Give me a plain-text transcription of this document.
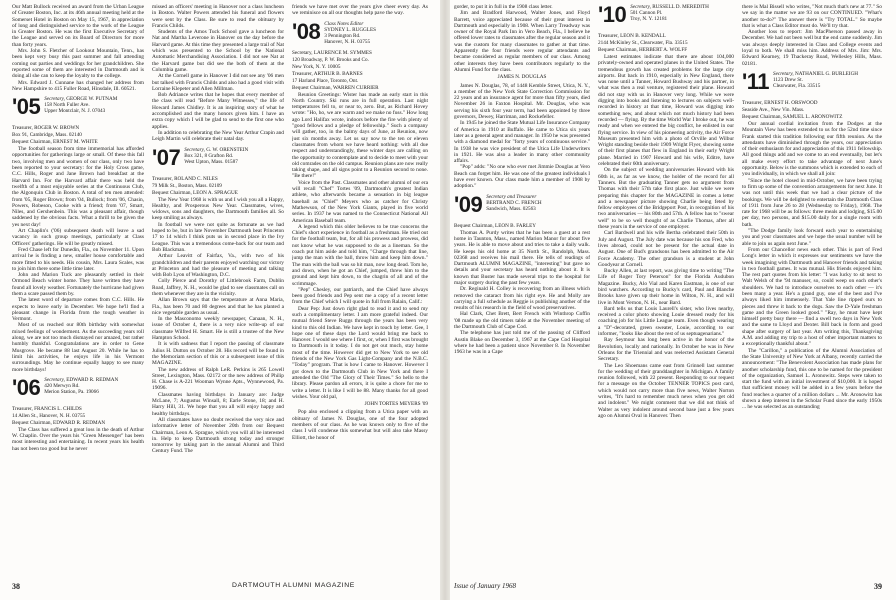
Our Matt Bullock received an award from the Urban League of Greater Boston, Inc. at its 46th annual meeting held at the Somerset Hotel in Boston on May 15, 1967, in appreciation of long and distinguished service to the work of the League in Greater Boston. He was the first Executive Secretary of the League and served on its Board of Directors for more than forty years.

Mrs. John S. Fletcher of Lookout Mountain, Tenn., has been kept very busy this past summer and fall attending coming out parties and weddings for her grandchildren. She reported some of them are interested in Dartmouth and is doing all she can to keep the loyalty to the college.

Mrs. Edward J. Cunnane has changed her address from New Hampshire to 415 Fuller Road, Hinsdale, Ill. 60521.

'05 Secretary, GEORGE W. PUTNAM
158 North Fuller Ave.
Upper Montclair, N. J. 07043
Treasurer, ROGER W. BROWN
Box 91, Cambridge, Mass. 02140
Bequest Chairman, ERNEST M. WHITE

The football season from time immemorial has afforded opportunities for gatherings large or small. Of these this fall two, involving men and women of our class, only two have been reported to your secretary: for the Holy Cross game, C.C. Hills, Roger and Jane Brown had breakfast at the Harvard Inn. For the Harvard affair there was held the twelfth of a most enjoyable series at the Continuous Club, the Algonquin Club in Boston. A total of ten men attended: from '05, Roger Brown; from '04, Bullock; from '06, Chasin, Powers, Robeson, Cooke with a friend; from '07, Smart, Niles, and Gershenbein. This was a pleasant affair, though saddened by the obvious facts. What a thrill to be given the yes next day!

Art Chaplin's ('06) subsequent death will leave a sad vacancy in such group meetings, particularly at Class Officers' gatherings. He will be greatly missed.

Fred Chase left for Dunedin, Fla., on November 11. Upon arrival he is finding a new, smaller house comfortable and more fitted to his needs. His cousin, Mrs. Laura Scales, was to join him there some little time later.

John and Marion Tuck are pleasantly settled in their Ormond Beach winter home. They have written they have found all lovely weather. Fortunately the hurricane had given them a scare passed them by.

The latest word of departure comes from C.C. Hills. He expects to leave early in December. We hope he'll find a pleasant change in Florida from the tough weather in Vermont.

Most of us reached our 80th birthday with somewhat mixed feelings of wonderment. As the succeeding years roll along, we are not too much dismayed nor amazed, but rather humbly thankful. Congratulations are in order to Gene Musgrove. He became 88 last August 20. While he has to limit his activities, he enjoys life in his Vermont surroundings. May he continue equally happy to see many more birthdays!

'06 Secretary, EDWARD R. REDMAN
420 Merwyn Rd.
Merion Station, Pa. 19066
Treasurer, FRANCIS L. CHILDS
14 Allen St., Hanover, N. H. 03755
Bequest Chairman, EDWARD R. REDMAN

The Class has suffered a great loss in the death of Arthur W. Chaplin. Over the years his "Green Messenger" has been most interesting and entertaining. In recent years his health has not been too good but he never

missed an officers' meeting in Hanover nor a class luncheon in Boston. Walter Powers attended his funeral and flowers were sent by the Class. Be sure to read the obituary by Francis Childs.

Students of the Amos Tuck School gave a luncheon for Nat and Martha Leverone in Hanover on the day before the Harvard game. At this time they presented a large trail of Nat which was presented to the School by the National Automatic Merchandising Association. I did not see Nat at the Harvard game but did see the both of them at the Columbia game.

At the Cornell game in Hanover I did not see any '06 men but talked with Francis Childs and also had a good visit with Lorraine Klepeter and Allen Millman.

Bob Adriance writes that he hopes that every member of the class will read "Before Many Witnesses," the life of Howard James Chidley. It is an inspiring story of what he accomplished and the many honors given him. I have an extra copy which I will be glad to send to the first one who applies.

In addition to celebrating the New Year Arthur Crapin and Leigh Martin will celebrate their natal day.

'07 Secretary, G. W. ORENSTEIN
Box 321, 8 Grafton Rd.
West Upton, Mass. 01587
Treasurer, ROLAND C. NILES
79 Milk St., Boston, Mass. 02109
Bequest Chairman, LEON A. SPRAGUE

The New Year 1968 is with us and I wish you all a Happy, Healthy, and Prosperous New Year. Classmates, wives, widows, sons and daughters, the Dartmouth families all. So keep smiling as always.

In football we were not quite as fortunate as we had hoped to be, but in late November Dartmouth beat Princeton 17 to 14 which I think puts us in second place in the Ivy League. This was a tremendous come-back for our team and Bob Blackman.

Arthur Leavitt of Fairfax, Va., with two of his grandchildren and their parents enjoyed watching our victory at Princeton and had the pleasure of meeting and talking with Bob Lyon of Washington, D.C.

Colly Pierce and Dorothy of Littlebrook Farm, Dublin Road, Jaffrey, N. H., would be glad to see classmates call on them whenever they are in the vicinity.

Allan Brown says that the temperature at Anna Maria, Fla., has been 70 and 80 degrees and that he has planted a nice vegetable garden as usual.

In the Masconomo weekly newspaper, Canaan, N. H., issue of October 4, there is a very nice write-up of our classmate Wilfred H. Smart. He is still a trustee of the New Hampton School.

It is with sadness that I report the passing of classmate Julius H. Dutton on October 28. His record will be found in the Memoriam section of this or a subsequent issue of this MAGAZINE.

The new address of Ralph LeR. Perkins is 265 Lowell Street, Lexington, Mass. 02172 or the new address of Philip H. Chase is A-221 Wooman Wynne Apts., Wynnewood, Pa. 19096.

Classmates having birthdays in January are: Judge McLane, 7; Augustus Winsall, 8; Earle Stone, 18; and H. Harry Hill, 31. We hope that you all will enjoy happy and healthy birthdays.

All classmates have no doubt received the very nice and informative letter of November 20th from our Bequest Chairman, Leon A. Sprague, which you will all be interested in. Help to keep Dartmouth strong today and stronger tomorrow by taking part in the annual Alumni and Third Century Fund. The

friends we have met over the years give cheer every day. As we reminisce on all our thoughts help pave the way.

'08 Class Notes Editor
SYDNEY L. RUGGLES
3 Pennington Rd.
Hanover, N. H. 03755
Secretary, LAURENCE M. SYMMES
120 Broadway, P. W. Brooks and Co.
New York, N. Y. 10005
Treasurer, ARTHUR B. BARNES
17 Harland Place, Toronto, Ont.
Bequest Chairman, WARREN CURRIER

Reunion Greetings: Wister has made an early start in this North Country. Ski runs are in full operation. Last night temperatures fell to, or near to, zero. But, as Richard Hovey wrote: "Ho, ho, we are warm and we make no fuss." How long ago Lord Halifax wrote, indoors before the fire with plenty of "good fellows and a pledge of fellowship." Such a company will gather, too, in the balmy days of June, at Reunion, now just six months away. Let us say now to the ten or eleven classmates from whom we have heard nothing: with all due respect and understandingly, these winter days are calling on the opportunity to contemplate and to decide to meet with your old comrades on the old campus. Reunion plans are now really taking shape, and all signs point to a Reunion second to none. "Be there!"

Voice from the Past. Classmates and other alumni of our era will recall "Chef" Tortes '09, Dartmouth's greatest Indian athlete, who afterwards became a sensation in big league baseball as "Chief" Meyers who as catcher for Christy Mathewson, of the New York Giants, played in five world series. In 1937 he was named to the Connecticut National All American Baseball team.

A legend which this older believes to be true concerns the Chief's short experience in football as a freshman. He tried out for the football team, but, for all his prowess and prowess, did not know what he was supposed to do as a lineman. So the coach put him aside and told him, "Charge through that line, jump the man with the ball, throw him and keep him down." The man with the ball was so hit man, now long dead. Tom he, and down, when he got an Chief, jumped, threw him to the ground and kept him down, to the chagrin of all and of the scrimmage.

"Pep" Chesley, our patriarch, and the Chief have always been good friends and Pep sent me a copy of a recent letter from the Chief which I will quote in full from Ralain, Calif.:

Dear Pep: Just down right glad to read it and to send my such a complimentary letter. I am more grateful indeed. Our mutual friend Steve Ruggs through the years has been very kind to this old Indian. We have kept in touch by letter. Gee, I hope one of these days the Lord would bring me back to Hanover. I would see where I first, or, when I first was brought to Dartmouth in it today. I do not get out much, stay home most of the time. However did get to New York to see old friends of the New York Gas Light-Company and the N.B.C. "Today" program. That is how I came to Hanover. However I got down to the Dartmouth Club in New York and there I attended the Old "The Glory of Their Times." So hello to the library. Please pardon all errors, it is quite a chore for me to write a letter. It is like I will be 88. Many thanks for all good wishes. Your old pal,

JOHN TORTES MEYERS '09

Pop also enclosed a clipping from a Utica paper with an obituary of James N. Douglas, one of the four adopted members of our class. As he was known only to five of the class I will condense this somewhat but will also take Massy Elliott, the honor of

38	DARTMOUTH ALUMNI MAGAZINE

gorder, to put it in full in the 1908 class letter.

Jim and Bradford Harwood, Walter Jones, and Floyd Barrett, voice appreciated because of their great interest in Dartmouth and especially in 1908. When Larry Treadway was owner of the Royal Park Inn in Vero Beach, Fla., I believe he offered lower rates to classmates after the regular season and it was the custom for many classmates to gather at that time. Apparently the four friends were regular attendants and became considered as regular members of our class. Among other interests they have been contributors regularly to the Alumni Fund for the class.

JAMES N. DOUGLAS

James N. Douglas, 78, of 1448 Kemble Street, Utica, N. Y., a member of the New York State Correction Commission for 22 years and an insurance agent for more than fifty years, died November 26 in Faxton Hospital. Mr. Douglas, who was serving his sixth four year term, had been appointed by three governors, Dewey, Harriman, and Rockefeller.

In 1945 he joined the State Mutual Life Insurance Company of America in 1910 at Buffalo. He came to Utica six years later as a general agent and manager. In 1950 he was presented with a diamond medal for "forty years of continuous service." In 1938 he was vice president of the Utica Life Underwriters in 1921. He was also a leader in many other community affairs.

"Pop" adds: "No one who ever met Jimmie Douglas at Vero Beach can forget him. He was one of the greatest individuals I have ever known. Our class made him a member of 1908 by adoption."

'09 Secretary and Treasurer
BERTRAND C. FRENCH
Sandwich, Mass. 02563
Bequest Chairman, LEON B. FARLEY

Thomas A. Purdy writes that he has been a guest at a rest home in Taunton, Mass., named Marion Manor for about five years. He is able to move about and tries to take a daily walk. He keeps his old home at 35 North St., Randolph, Mass. 02368 and receives his mail there. He tells of readings of Dartmouth ALUMNI MAGAZINE, "interesting" but gave no details and your secretary has heard nothing about it. It is known that Buster has made several trips to the hospital for major surgery during the past few years.

Dr. Reginald H. Colley is recovering from an illness which removed the cataract from his right eye. He and Molly are carrying a full schedule as Reggie is publishing another of the results of his research in the field of wood preservatives.

Hal Clark, Chet Brett, Bert French with Winthrop Coffin '08 made up the old timers table at the November meeting of the Dartmouth Club of Cape Cod.

The telephone has just told me of the passing of Clifford Austin Blake on December 3, 1967 at the Cape Cod Hospital where he had been a patient since November 8. In November 1963 he was in a Cape

'10 Secretary, RUSSELL D. MEREDITH
501 Cannon Pl.
Troy, N. Y. 12181
Treasurer, LEON B. KENDALL
2144 McKinley St., Clearwater, Fla. 33515
Bequest Chairman, HERBERT A. WOLFF

Latest estimates indicate that there are about 104,000 privately-owned and operated planes in the United States. The tremendous growth has created problems for the large city airports. But back in 1910, especially in New England, there was none until a Tanner, Howard Bushway and his partner, in what was then a real venture, registered their plane. Howard did not stay with us in Hanover very long. While we were digging into books and listening to lectures on subjects well-recorded in history at that time, Howard was digging into something new, and about which not much history had been recorded — flying. By the time World War I broke out, he was ready and when we entered the big conflict, he enlisted in our flying service. In view of his pioneering activity, the Air Force Museum presented him with a photo of Orville and Wilbur Wright standing beside their 1909 Wright Flyer, showing some of their first planes that flew in England in their early Wright plane. Married in 1907 Howard and his wife, Editre, have celebrated their 60th anniversary.

On the subject of wedding anniversaries Howard with his 60th is, as far as we know, the holder of the record for all Tanners. But the graduating Tanner gets no argument from Thomas with their 57th take first place. Just while we were preparing this chapter for the MAGAZINE in comes a letter and a newspaper picture showing Charlie being feted by fellow employees of the Bridgeport Post, in recognition of his two anniversaries — his 80th and 57th. A fellow has to "swear well" to be so well thought of as Charlie Thomas, after all these years in the service of one employer.

Carl Bardwell and his wife Bertha celebrated their 50th in July and August. The July date was because his son Fred, who lives abroad, could not be present for the actual date in August. One of Bud's grandsons has been admitted to the Air Force Academy. The other grandson is a student at John Goodyear at Cornell.

Bucky Allen, at last report, was giving time to writing "The Life of Roger Tory Peterson" for the Florida Audubon Magazine. Bucky, Alo Vial and Karen Eastman, is one of our bird watchers. According to Bucky's card, Paul and Blanche Brooks have given up their home in Wilton, N. H., and will live in Mont Vernon, N. H., near Bard.

Bard tells us that Louis Laurell's sister, who lives nearby, received a color photo showing Louie dressed ready for his coaching job for his Little League team. Even though wearing a "D"-decorated, green sweater, Louie, according to our informer, "looks like about the rest of us septuagenarians."

Ray Seymour has long been active in the honor of the Revolution, locally and nationally. In October he was in New Orleans for the Triennial and was reelected Assistant General Secretary.

The Leo Shoemans came east from Grinnell last summer for the wedding of their granddaughter in Michigan. A family reunion followed, with 22 present. Responding to our request for a message on the October TENNER TOPICS post card, which would not carry more than five news, Walter Norton writes, "It's hard to remember much news when you get old and indolent." We might comment that we did not think of Walter as very indolent around second base just a few years ago on Alumni Oval in Hanover. Then

there is Mal Bissell who writes, "Not much that's new at 77." So we say in the matter we are 93 on our CONTINUED. "What's another to-do?" The answer there is "Try TOTAL." So maybe that is what a Class Editor must do. We'll try that.

Another loss to report: Jim MacPherson passed away in December. We had not been well but the end came suddenly. Jim was always deeply interested in Class and College events and loyal to both. We shall miss him. Address of Mrs. Jim: Mrs. Edward Kearney, 19 Thackeray Road, Wellesley Hills, Mass. 02181.

'11 Secretary, NATHANIEL G. BURLEIGH
1123 Drew St.
Clearwater, Fla. 33515
Treasurer, ERNEST H. ORSWOOD
Seaside Ave., New Vin. Mass.
Bequest Chairman, SAMUEL L. ARONOWITZ

Our annual cordial invitation from the Dodges at the Mountain View has been extended to us for the 52nd time since Frank started this tradition following our fifth reunion. As the attendants have diminished through the years, our appreciation of their enthusiasm for and appreciation of this 1911 fellowship. All good things add and we come to an end eventually, but let's all make every effort to take advantage of next June's opportunity. Below is the summons which is extended to each of you individually, in which we shall all join:

"Since the hotel closed in mid-October, we have been trying to firm up some of the convention arrangements for next June. It was not until this week that we had a clear picture of the bookings. We will be delighted to entertain the Dartmouth Class of 1911 from June 26 to 28 (Wednesday to Friday), 1968. The rate for 1968 will be as follows: three meals and lodging, $15.00 per day, two persons, and $15.00 daily for a single room with bath.

"The Dodge family look forward each year to entertaining you and your classmates and we hope the usual number will be able to join us again next June."

From our Chancellor news each other. This is part of Fred Long's letter in which it expresses our sentiments we have the week imagining with Dartmouth and Hanover friends and taking in two football games. It was mutual. His friends enjoyed him. The rest part quotes from his letter: "I was lucky to sit next to Walt Welsh of the '94 manuser, so, could weep on each other's shoulders. We had to introduce ourselves to each other — it's been many a year. He's a grand guy, one of the best and I've always liked him immensely. That Yale line ripped ours to pieces and threw it back to the dogs. Saw the D-Yale freshman game and the Green looked good." "Ray, he must have kept himself pretty busy there — find a swell two days in New York and the same to Lloyd and Dexter. Bill back in form and good shape after surgery of last year. Am writing this, Thanksgiving A.M. and adding my trip to a host of other important matters to a exceptionally thankful about."

The "Carillon," a publication of the Alumni Association of the State University of New York at Albany, recently carried the announcement: "The Benevolent Association has made plans for another scholarship fund, this one to be named for the president of the organization, Samuel L. Aronowitz. Steps were taken to start the fund with an initial investment of $10,000. It is hoped that sufficient money will be added in a few years before the fund reaches a quarter of a million dollars ... Mr. Aronowitz has shown a deep interest in the Scholar Fund since the early 1950s ... he was selected as an outstanding

Issue of January 1968	39
